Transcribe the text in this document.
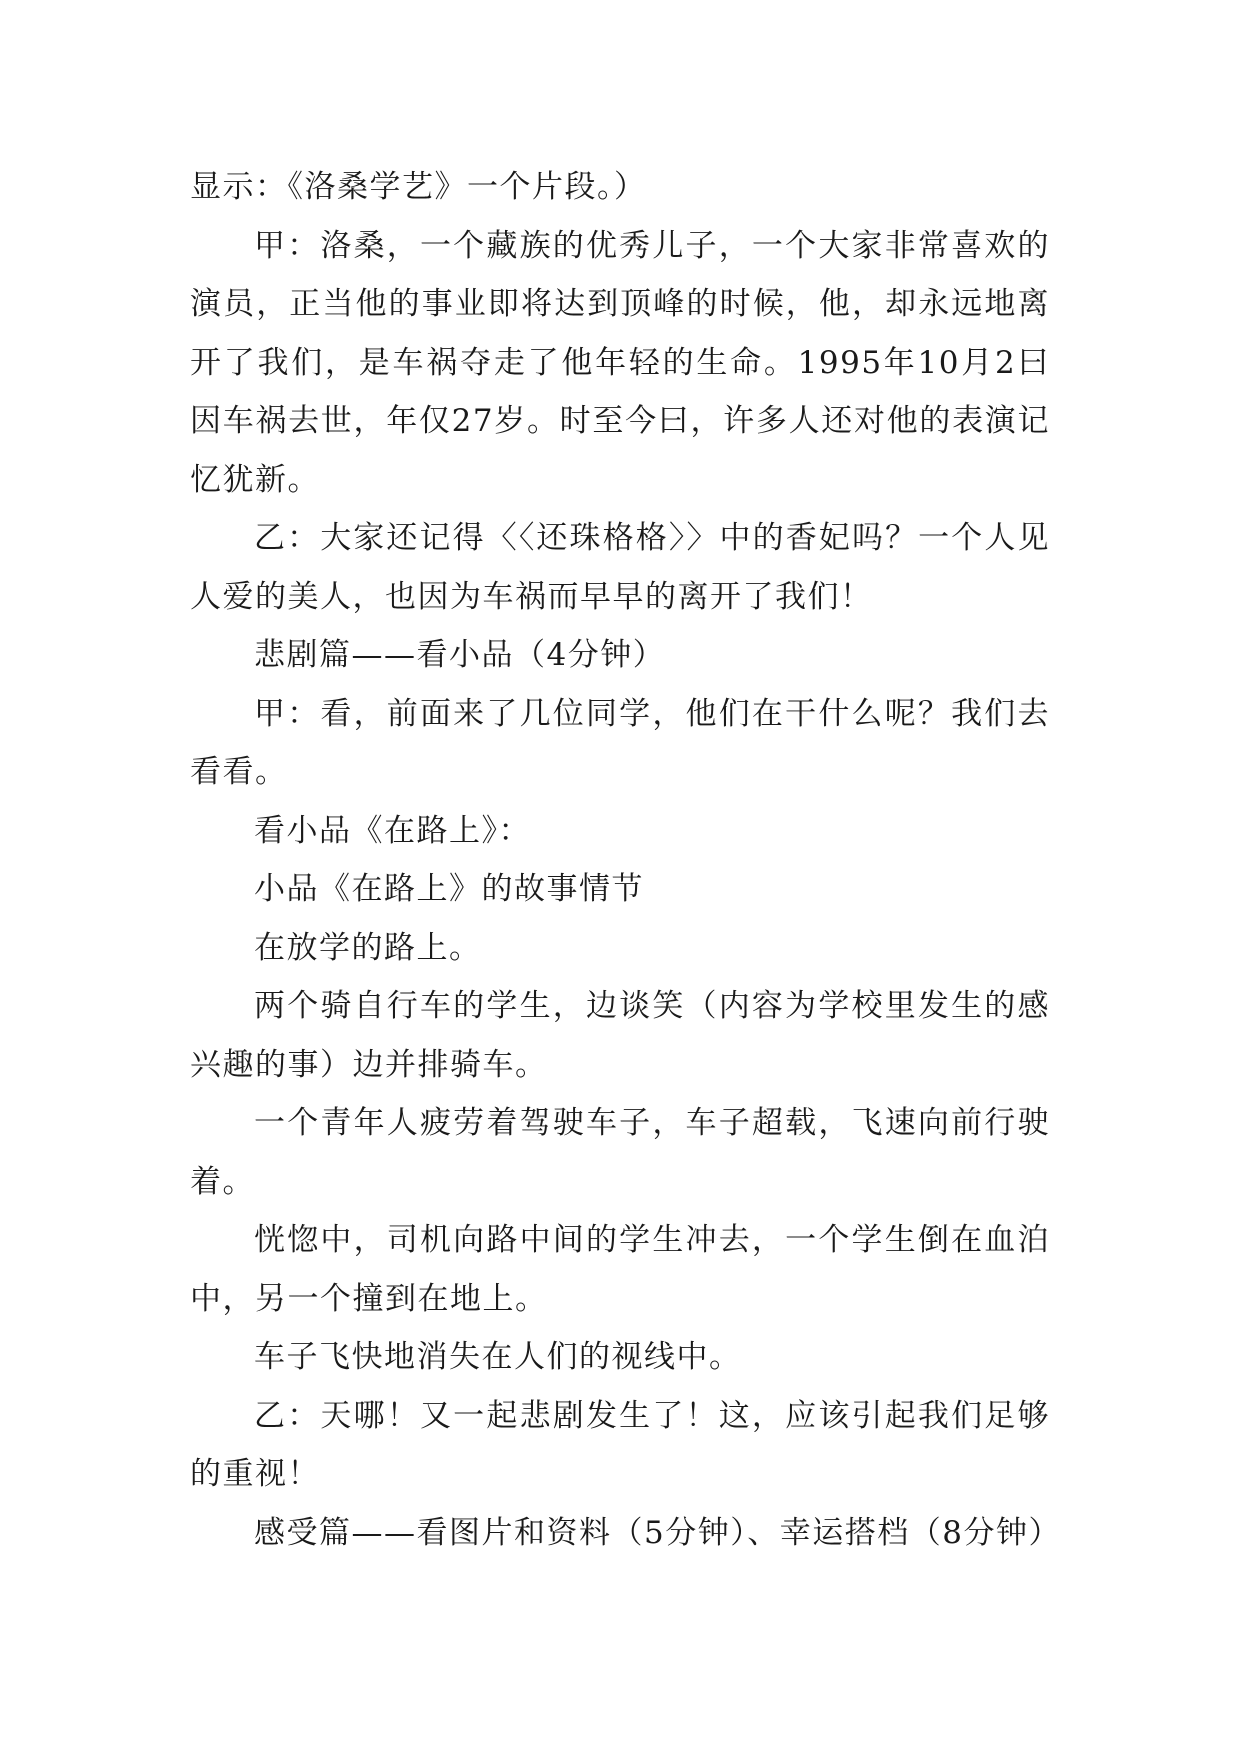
显示：《洛桑学艺》一个片段。）

甲：洛桑，一个藏族的优秀儿子，一个大家非常喜欢的演员，正当他的事业即将达到顶峰的时候，他，却永远地离开了我们，是车祸夺走了他年轻的生命。1995年10月2曰因车祸去世，年仅27岁。时至今曰，许多人还对他的表演记忆犹新。

乙：大家还记得〈〈还珠格格〉〉中的香妃吗？一个人见人爱的美人，也因为车祸而早早的离开了我们！

悲剧篇——看小品（4分钟）

甲：看，前面来了几位同学，他们在干什么呢？我们去看看。

看小品《在路上》：

小品《在路上》的故事情节

在放学的路上。

两个骑自行车的学生，边谈笑（内容为学校里发生的感兴趣的事）边并排骑车。

一个青年人疲劳着驾驶车子，车子超载，飞速向前行驶着。

恍惚中，司机向路中间的学生冲去，一个学生倒在血泊中，另一个撞到在地上。

车子飞快地消失在人们的视线中。

乙：天哪！又一起悲剧发生了！这，应该引起我们足够的重视！

感受篇——看图片和资料（5分钟）、幸运搭档（8分钟）
